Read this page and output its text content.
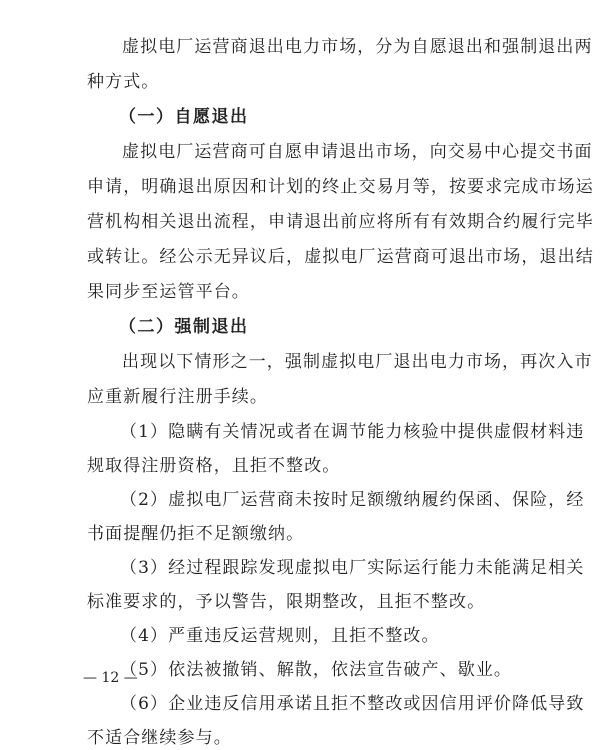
虚拟电厂运营商退出电力市场，分为自愿退出和强制退出两
种方式。
（一）自愿退出
虚拟电厂运营商可自愿申请退出市场，向交易中心提交书面
申请，明确退出原因和计划的终止交易月等，按要求完成市场运
营机构相关退出流程，申请退出前应将所有有效期合约履行完毕
或转让。经公示无异议后，虚拟电厂运营商可退出市场，退出结
果同步至运管平台。
（二）强制退出
出现以下情形之一，强制虚拟电厂退出电力市场，再次入市
应重新履行注册手续。
（1）隐瞒有关情况或者在调节能力核验中提供虚假材料违
规取得注册资格，且拒不整改。
（2）虚拟电厂运营商未按时足额缴纳履约保函、保险，经
书面提醒仍拒不足额缴纳。
（3）经过程跟踪发现虚拟电厂实际运行能力未能满足相关
标准要求的，予以警告，限期整改，且拒不整改。
（4）严重违反运营规则，且拒不整改。
（5）依法被撤销、解散，依法宣告破产、歇业。
（6）企业违反信用承诺且拒不整改或因信用评价降低导致
不适合继续参与。
— 12 —
